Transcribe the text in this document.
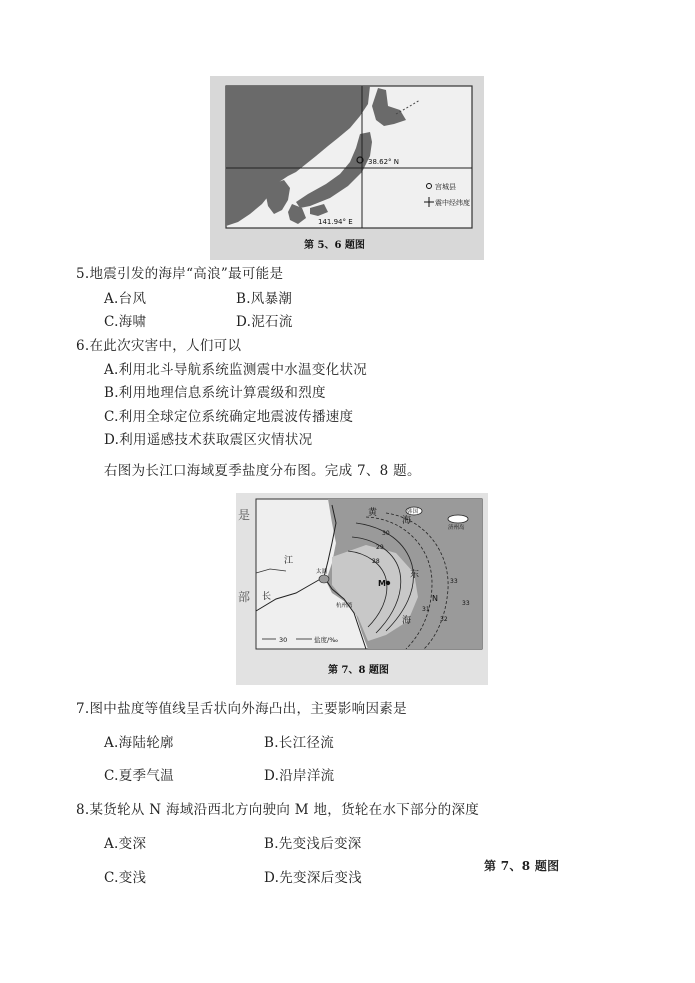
38.62° N
141.94° E
宫城县
震中经纬度
第 5、6 题图
5.地震引发的海岸“高浪”最可能是
A.台风	B.风暴潮
C.海啸	D.泥石流
6.在此次灾害中，人们可以
A.利用北斗导航系统监测震中水温变化状况
B.利用地理信息系统计算震级和烈度
C.利用全球定位系统确定地震波传播速度
D.利用遥感技术获取震区灾情状况
右图为长江口海域夏季盐度分布图。完成 7、8 题。
30	盐度/‰
黄
海
东
海
江
长
M
N
太湖
杭州湾
济州岛
韩国
30
29
28
31
32
33
33
是
部
第 7、8 题图
7.图中盐度等值线呈舌状向外海凸出，主要影响因素是
A.海陆轮廓	B.长江径流
C.夏季气温	D.沿岸洋流
8.某货轮从 N 海域沿西北方向驶向 M 地，货轮在水下部分的深度
A.变深	B.先变浅后变深
C.变浅	D.先变深后变浅
第 7、8 题图
